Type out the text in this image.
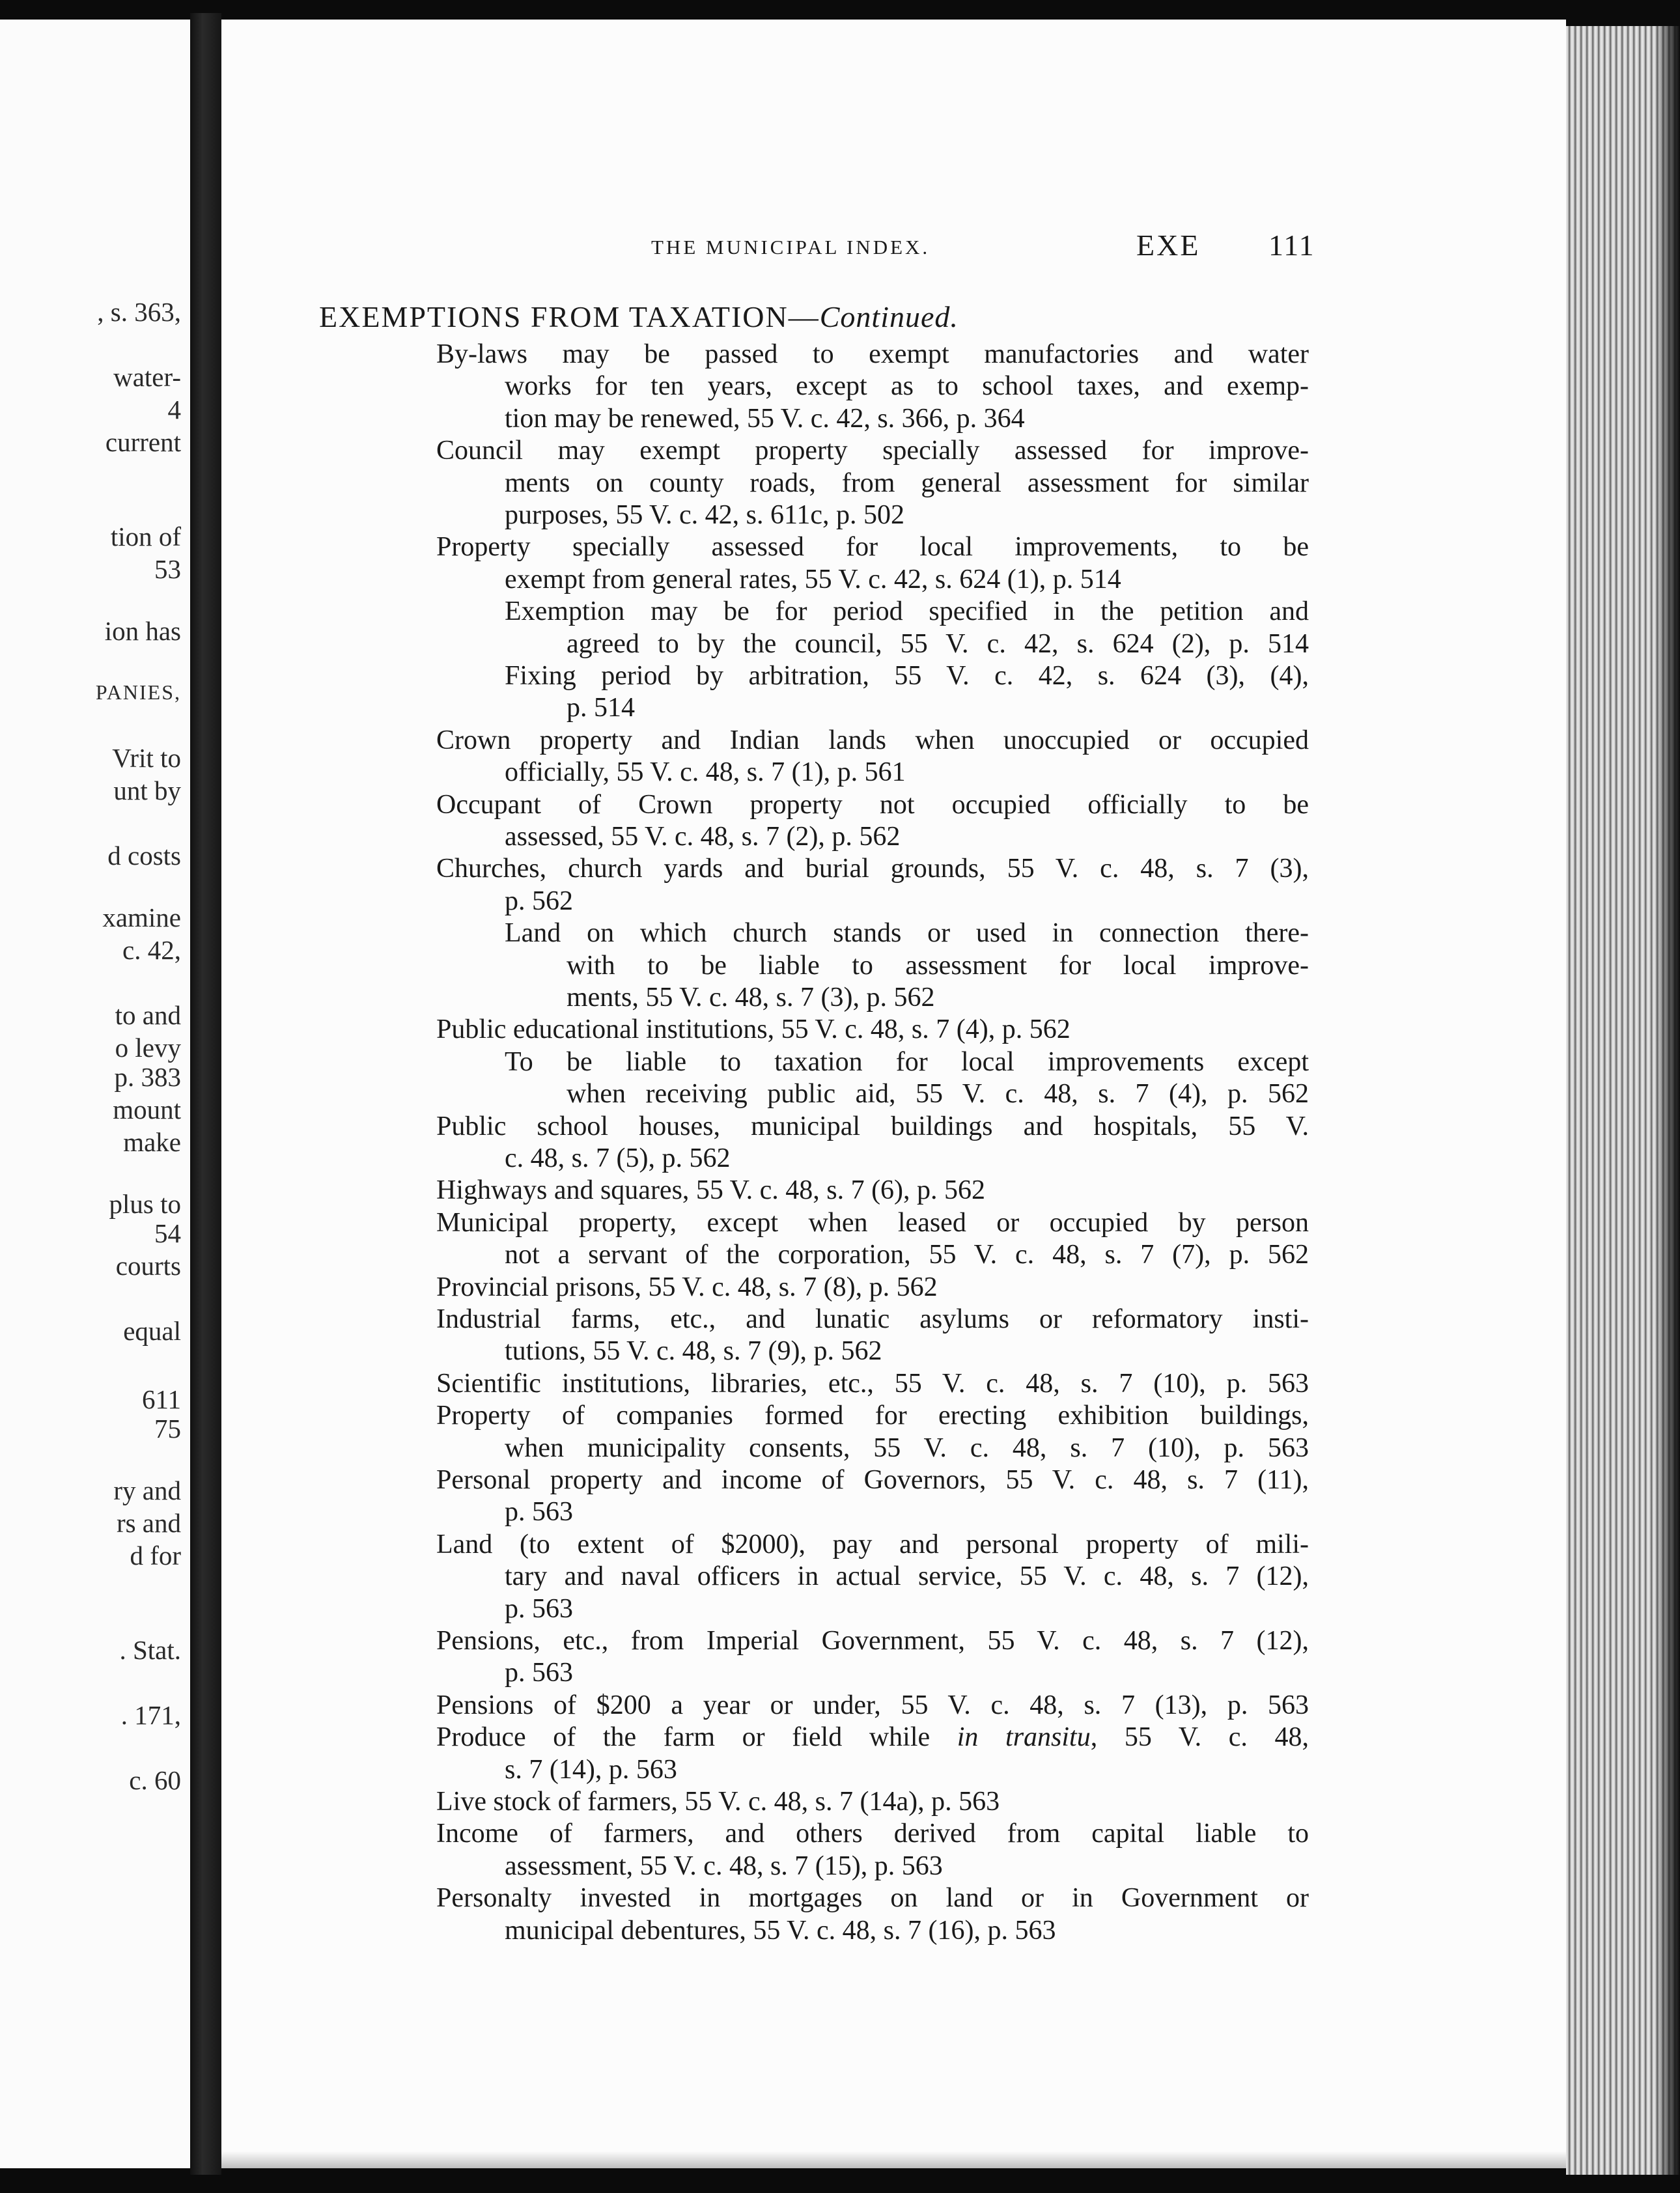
, s. 363,
water-
4
current
tion of
53
ion has
PANIES,
Vrit to
unt by
d costs
xamine
c. 42,
to and
o levy
p. 383
mount
make
plus to
54
courts
equal
611
75
ry and
rs and
d for
. Stat.
. 171,
c. 60
THE MUNICIPAL INDEX.	EXE 111
EXEMPTIONS FROM TAXATION—Continued.
By-laws may be passed to exempt manufactories and water
works for ten years, except as to school taxes, and exemp-
tion may be renewed, 55 V. c. 42, s. 366, p. 364
Council may exempt property specially assessed for improve-
ments on county roads, from general assessment for similar
purposes, 55 V. c. 42, s. 611c, p. 502
Property specially assessed for local improvements, to be
exempt from general rates, 55 V. c. 42, s. 624 (1), p. 514
Exemption may be for period specified in the petition and
agreed to by the council, 55 V. c. 42, s. 624 (2), p. 514
Fixing period by arbitration, 55 V. c. 42, s. 624 (3), (4),
p. 514
Crown property and Indian lands when unoccupied or occupied
officially, 55 V. c. 48, s. 7 (1), p. 561
Occupant of Crown property not occupied officially to be
assessed, 55 V. c. 48, s. 7 (2), p. 562
Churches, church yards and burial grounds, 55 V. c. 48, s. 7 (3),
p. 562
Land on which church stands or used in connection there-
with to be liable to assessment for local improve-
ments, 55 V. c. 48, s. 7 (3), p. 562
Public educational institutions, 55 V. c. 48, s. 7 (4), p. 562
To be liable to taxation for local improvements except
when receiving public aid, 55 V. c. 48, s. 7 (4), p. 562
Public school houses, municipal buildings and hospitals, 55 V.
c. 48, s. 7 (5), p. 562
Highways and squares, 55 V. c. 48, s. 7 (6), p. 562
Municipal property, except when leased or occupied by person
not a servant of the corporation, 55 V. c. 48, s. 7 (7), p. 562
Provincial prisons, 55 V. c. 48, s. 7 (8), p. 562
Industrial farms, etc., and lunatic asylums or reformatory insti-
tutions, 55 V. c. 48, s. 7 (9), p. 562
Scientific institutions, libraries, etc., 55 V. c. 48, s. 7 (10), p. 563
Property of companies formed for erecting exhibition buildings,
when municipality consents, 55 V. c. 48, s. 7 (10), p. 563
Personal property and income of Governors, 55 V. c. 48, s. 7 (11),
p. 563
Land (to extent of $2000), pay and personal property of mili-
tary and naval officers in actual service, 55 V. c. 48, s. 7 (12),
p. 563
Pensions, etc., from Imperial Government, 55 V. c. 48, s. 7 (12),
p. 563
Pensions of $200 a year or under, 55 V. c. 48, s. 7 (13), p. 563
Produce of the farm or field while in transitu, 55 V. c. 48,
s. 7 (14), p. 563
Live stock of farmers, 55 V. c. 48, s. 7 (14a), p. 563
Income of farmers, and others derived from capital liable to
assessment, 55 V. c. 48, s. 7 (15), p. 563
Personalty invested in mortgages on land or in Government or
municipal debentures, 55 V. c. 48, s. 7 (16), p. 563
